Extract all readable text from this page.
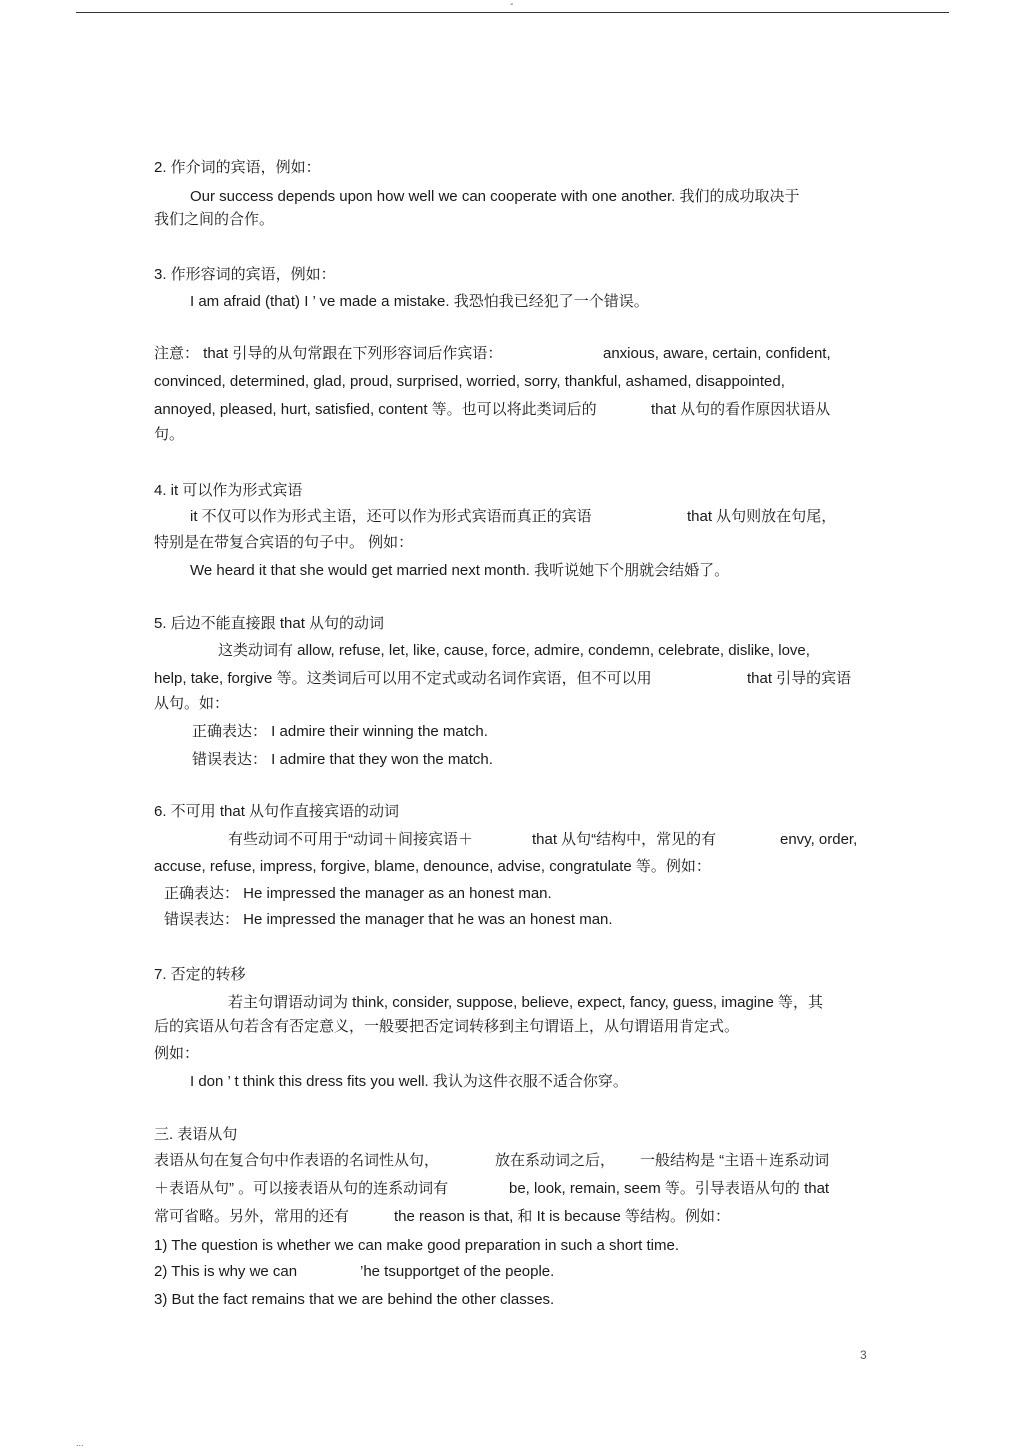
-
2. 作介词的宾语，例如：
Our success depends upon how well we can cooperate with one another. 我们的成功取决于
我们之间的合作。
3. 作形容词的宾语，例如：
I am afraid (that) I ’ ve made a mistake. 我恐怕我已经犯了一个错误。
注意： that 引导的从句常跟在下列形容词后作宾语：	anxious, aware, certain, confident,
convinced, determined, glad, proud, surprised, worried, sorry, thankful, ashamed, disappointed,
annoyed, pleased, hurt, satisfied, content 等。也可以将此类词后的	that 从句的看作原因状语从
句。
4. it 可以作为形式宾语
it 不仅可以作为形式主语，还可以作为形式宾语而真正的宾语	that 从句则放在句尾，
特别是在带复合宾语的句子中。 例如：
We heard it that she would get married next month. 我听说她下个朋就会结婚了。
5. 后边不能直接跟 that 从句的动词
这类动词有 allow, refuse, let, like, cause, force, admire, condemn, celebrate, dislike, love,
help, take, forgive 等。这类词后可以用不定式或动名词作宾语，但不可以用	that 引导的宾语
从句。如：
正确表达： I admire their winning the match.
错误表达： I admire that they won the match.
6. 不可用 that 从句作直接宾语的动词
有些动词不可用于“动词＋间接宾语＋	that 从句“结构中，常见的有	envy, order,
accuse, refuse, impress, forgive, blame, denounce, advise, congratulate 等。例如：
正确表达： He impressed the manager as an honest man.
错误表达： He impressed the manager that he was an honest man.
7. 否定的转移
若主句谓语动词为 think, consider, suppose, believe, expect, fancy, guess, imagine 等，其
后的宾语从句若含有否定意义，一般要把否定词转移到主句谓语上，从句谓语用肯定式。
例如：
I don ’ t think this dress fits you well. 我认为这件衣服不适合你穿。
三. 表语从句
表语从句在复合句中作表语的名词性从句，	放在系动词之后， 一般结构是 “主语＋连系动词
＋表语从句” 。可以接表语从句的连系动词有	be, look, remain, seem 等。引导表语从句的 that
常可省略。另外，常用的还有	the reason is that, 和 It is because 等结构。例如：
1) The question is whether we can make good preparation in such a short time.
2) This is why we can	’he tsupportget of the people.
3) But the fact remains that we are behind the other classes.
3
...
